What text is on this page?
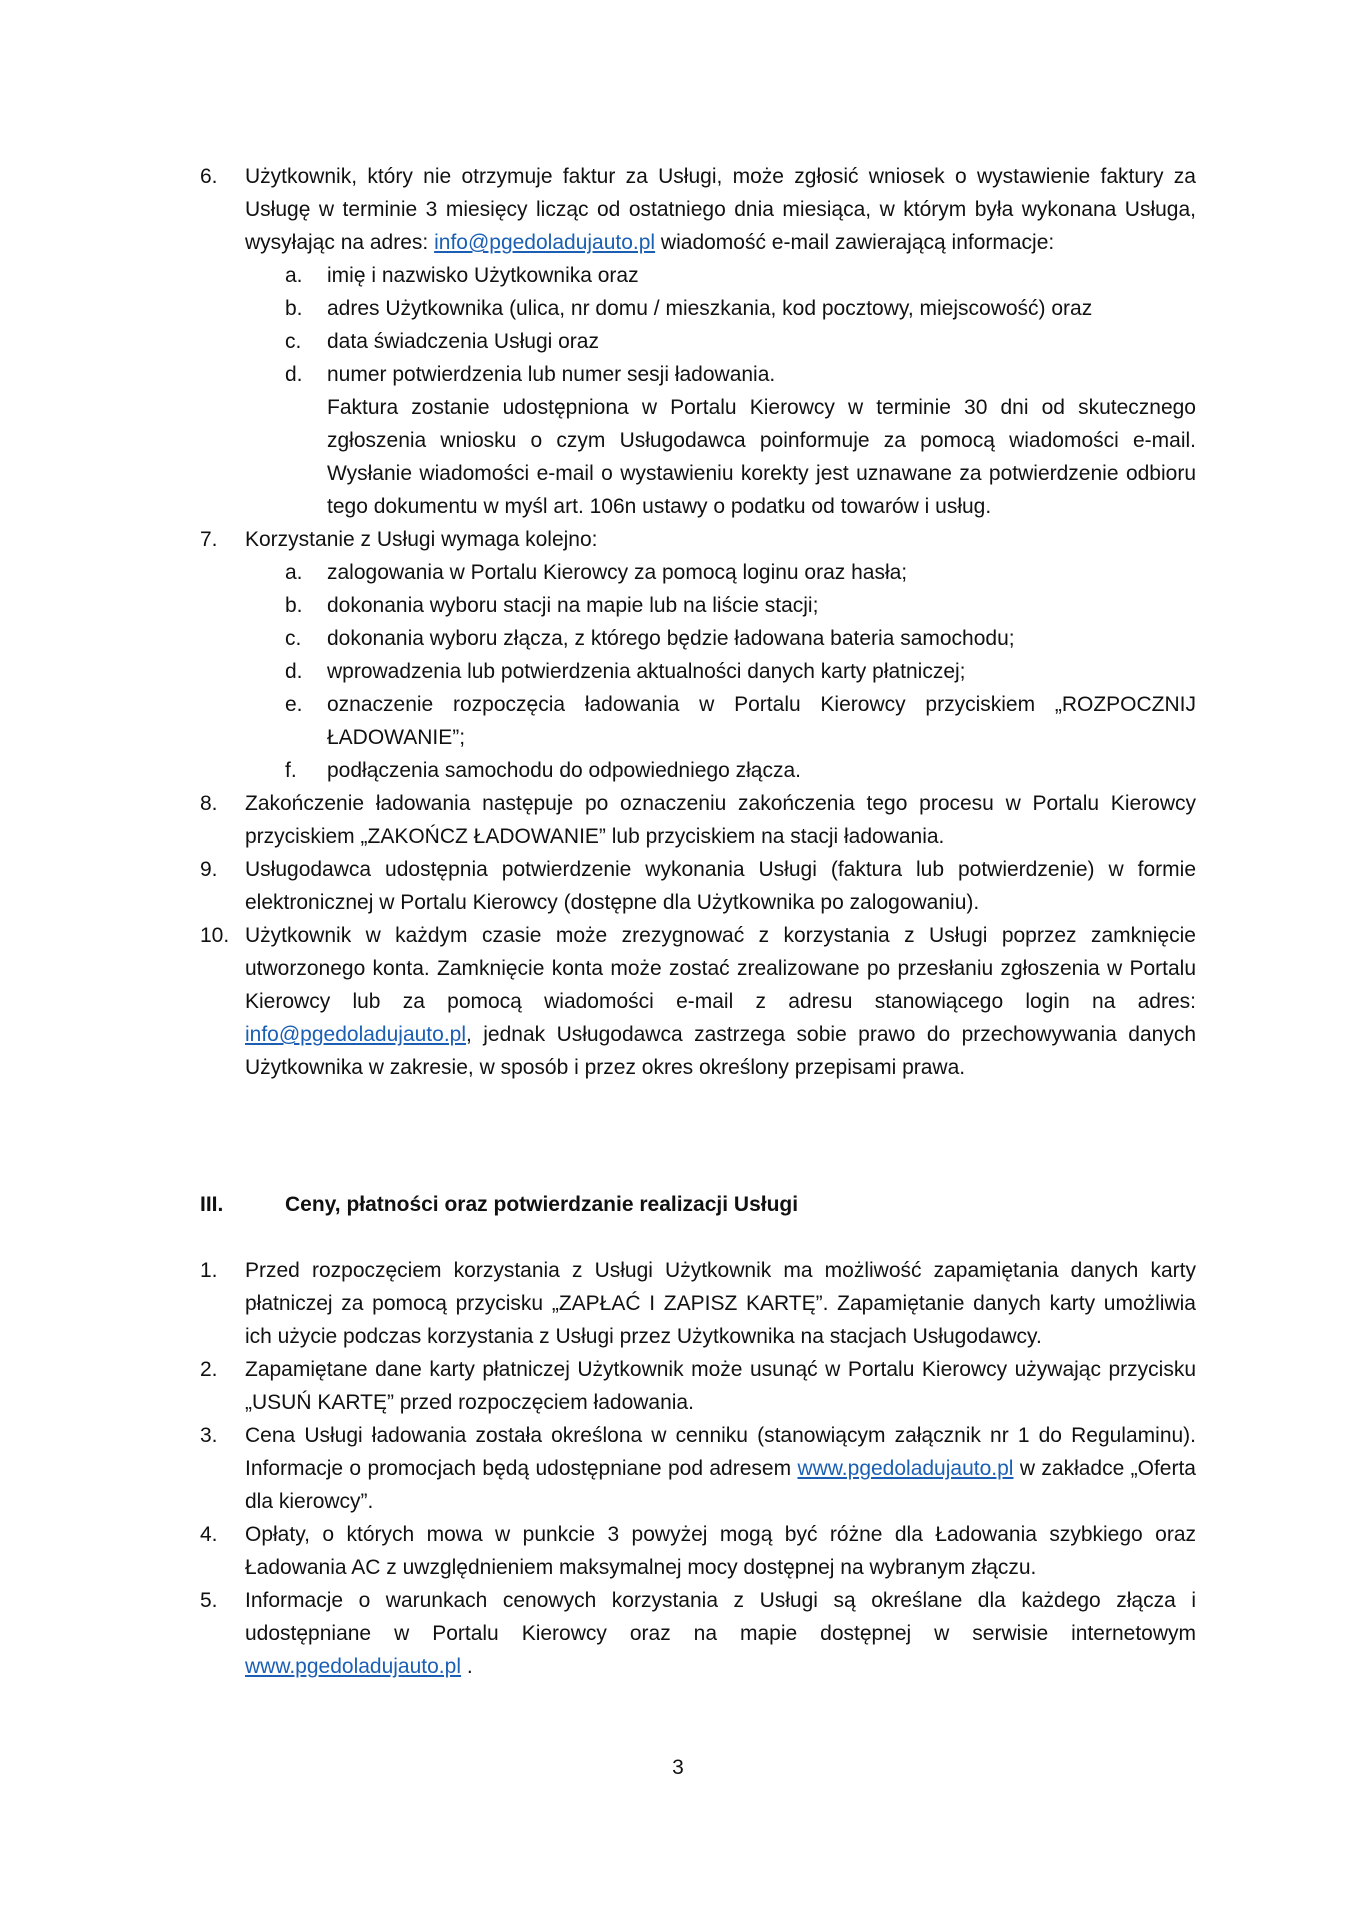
6. Użytkownik, który nie otrzymuje faktur za Usługi, może zgłosić wniosek o wystawienie faktury za Usługę w terminie 3 miesięcy licząc od ostatniego dnia miesiąca, w którym była wykonana Usługa, wysyłając na adres: info@pgedoladujauto.pl wiadomość e-mail zawierającą informacje:
a. imię i nazwisko Użytkownika oraz
b. adres Użytkownika (ulica, nr domu / mieszkania, kod pocztowy, miejscowość) oraz
c. data świadczenia Usługi oraz
d. numer potwierdzenia lub numer sesji ładowania.
Faktura zostanie udostępniona w Portalu Kierowcy w terminie 30 dni od skutecznego zgłoszenia wniosku o czym Usługodawca poinformuje za pomocą wiadomości e-mail. Wysłanie wiadomości e-mail o wystawieniu korekty jest uznawane za potwierdzenie odbioru tego dokumentu w myśl art. 106n ustawy o podatku od towarów i usług.
7. Korzystanie z Usługi wymaga kolejno:
a. zalogowania w Portalu Kierowcy za pomocą loginu oraz hasła;
b. dokonania wyboru stacji na mapie lub na liście stacji;
c. dokonania wyboru złącza, z którego będzie ładowana bateria samochodu;
d. wprowadzenia lub potwierdzenia aktualności danych karty płatniczej;
e. oznaczenie rozpoczęcia ładowania w Portalu Kierowcy przyciskiem „ROZPOCZNIJ ŁADOWANIE”;
f. podłączenia samochodu do odpowiedniego złącza.
8. Zakończenie ładowania następuje po oznaczeniu zakończenia tego procesu w Portalu Kierowcy przyciskiem „ZAKOŃCZ ŁADOWANIE” lub przyciskiem na stacji ładowania.
9. Usługodawca udostępnia potwierdzenie wykonania Usługi (faktura lub potwierdzenie) w formie elektronicznej w Portalu Kierowcy (dostępne dla Użytkownika po zalogowaniu).
10. Użytkownik w każdym czasie może zrezygnować z korzystania z Usługi poprzez zamknięcie utworzonego konta. Zamknięcie konta może zostać zrealizowane po przesłaniu zgłoszenia w Portalu Kierowcy lub za pomocą wiadomości e-mail z adresu stanowiącego login na adres: info@pgedoladujauto.pl, jednak Usługodawca zastrzega sobie prawo do przechowywania danych Użytkownika w zakresie, w sposób i przez okres określony przepisami prawa.
III.	Ceny, płatności oraz potwierdzanie realizacji Usługi
1. Przed rozpoczęciem korzystania z Usługi Użytkownik ma możliwość zapamiętania danych karty płatniczej za pomocą przycisku „ZAPŁAĆ I ZAPISZ KARTĘ”. Zapamiętanie danych karty umożliwia ich użycie podczas korzystania z Usługi przez Użytkownika na stacjach Usługodawcy.
2. Zapamiętane dane karty płatniczej Użytkownik może usunąć w Portalu Kierowcy używając przycisku „USUŃ KARTĘ” przed rozpoczęciem ładowania.
3. Cena Usługi ładowania została określona w cenniku (stanowiącym załącznik nr 1 do Regulaminu). Informacje o promocjach będą udostępniane pod adresem www.pgedoladujauto.pl w zakładce „Oferta dla kierowcy”.
4. Opłaty, o których mowa w punkcie 3 powyżej mogą być różne dla Ładowania szybkiego oraz Ładowania AC z uwzględnieniem maksymalnej mocy dostępnej na wybranym złączu.
5. Informacje o warunkach cenowych korzystania z Usługi są określane dla każdego złącza i udostępniane w Portalu Kierowcy oraz na mapie dostępnej w serwisie internetowym www.pgedoladujauto.pl .
3
